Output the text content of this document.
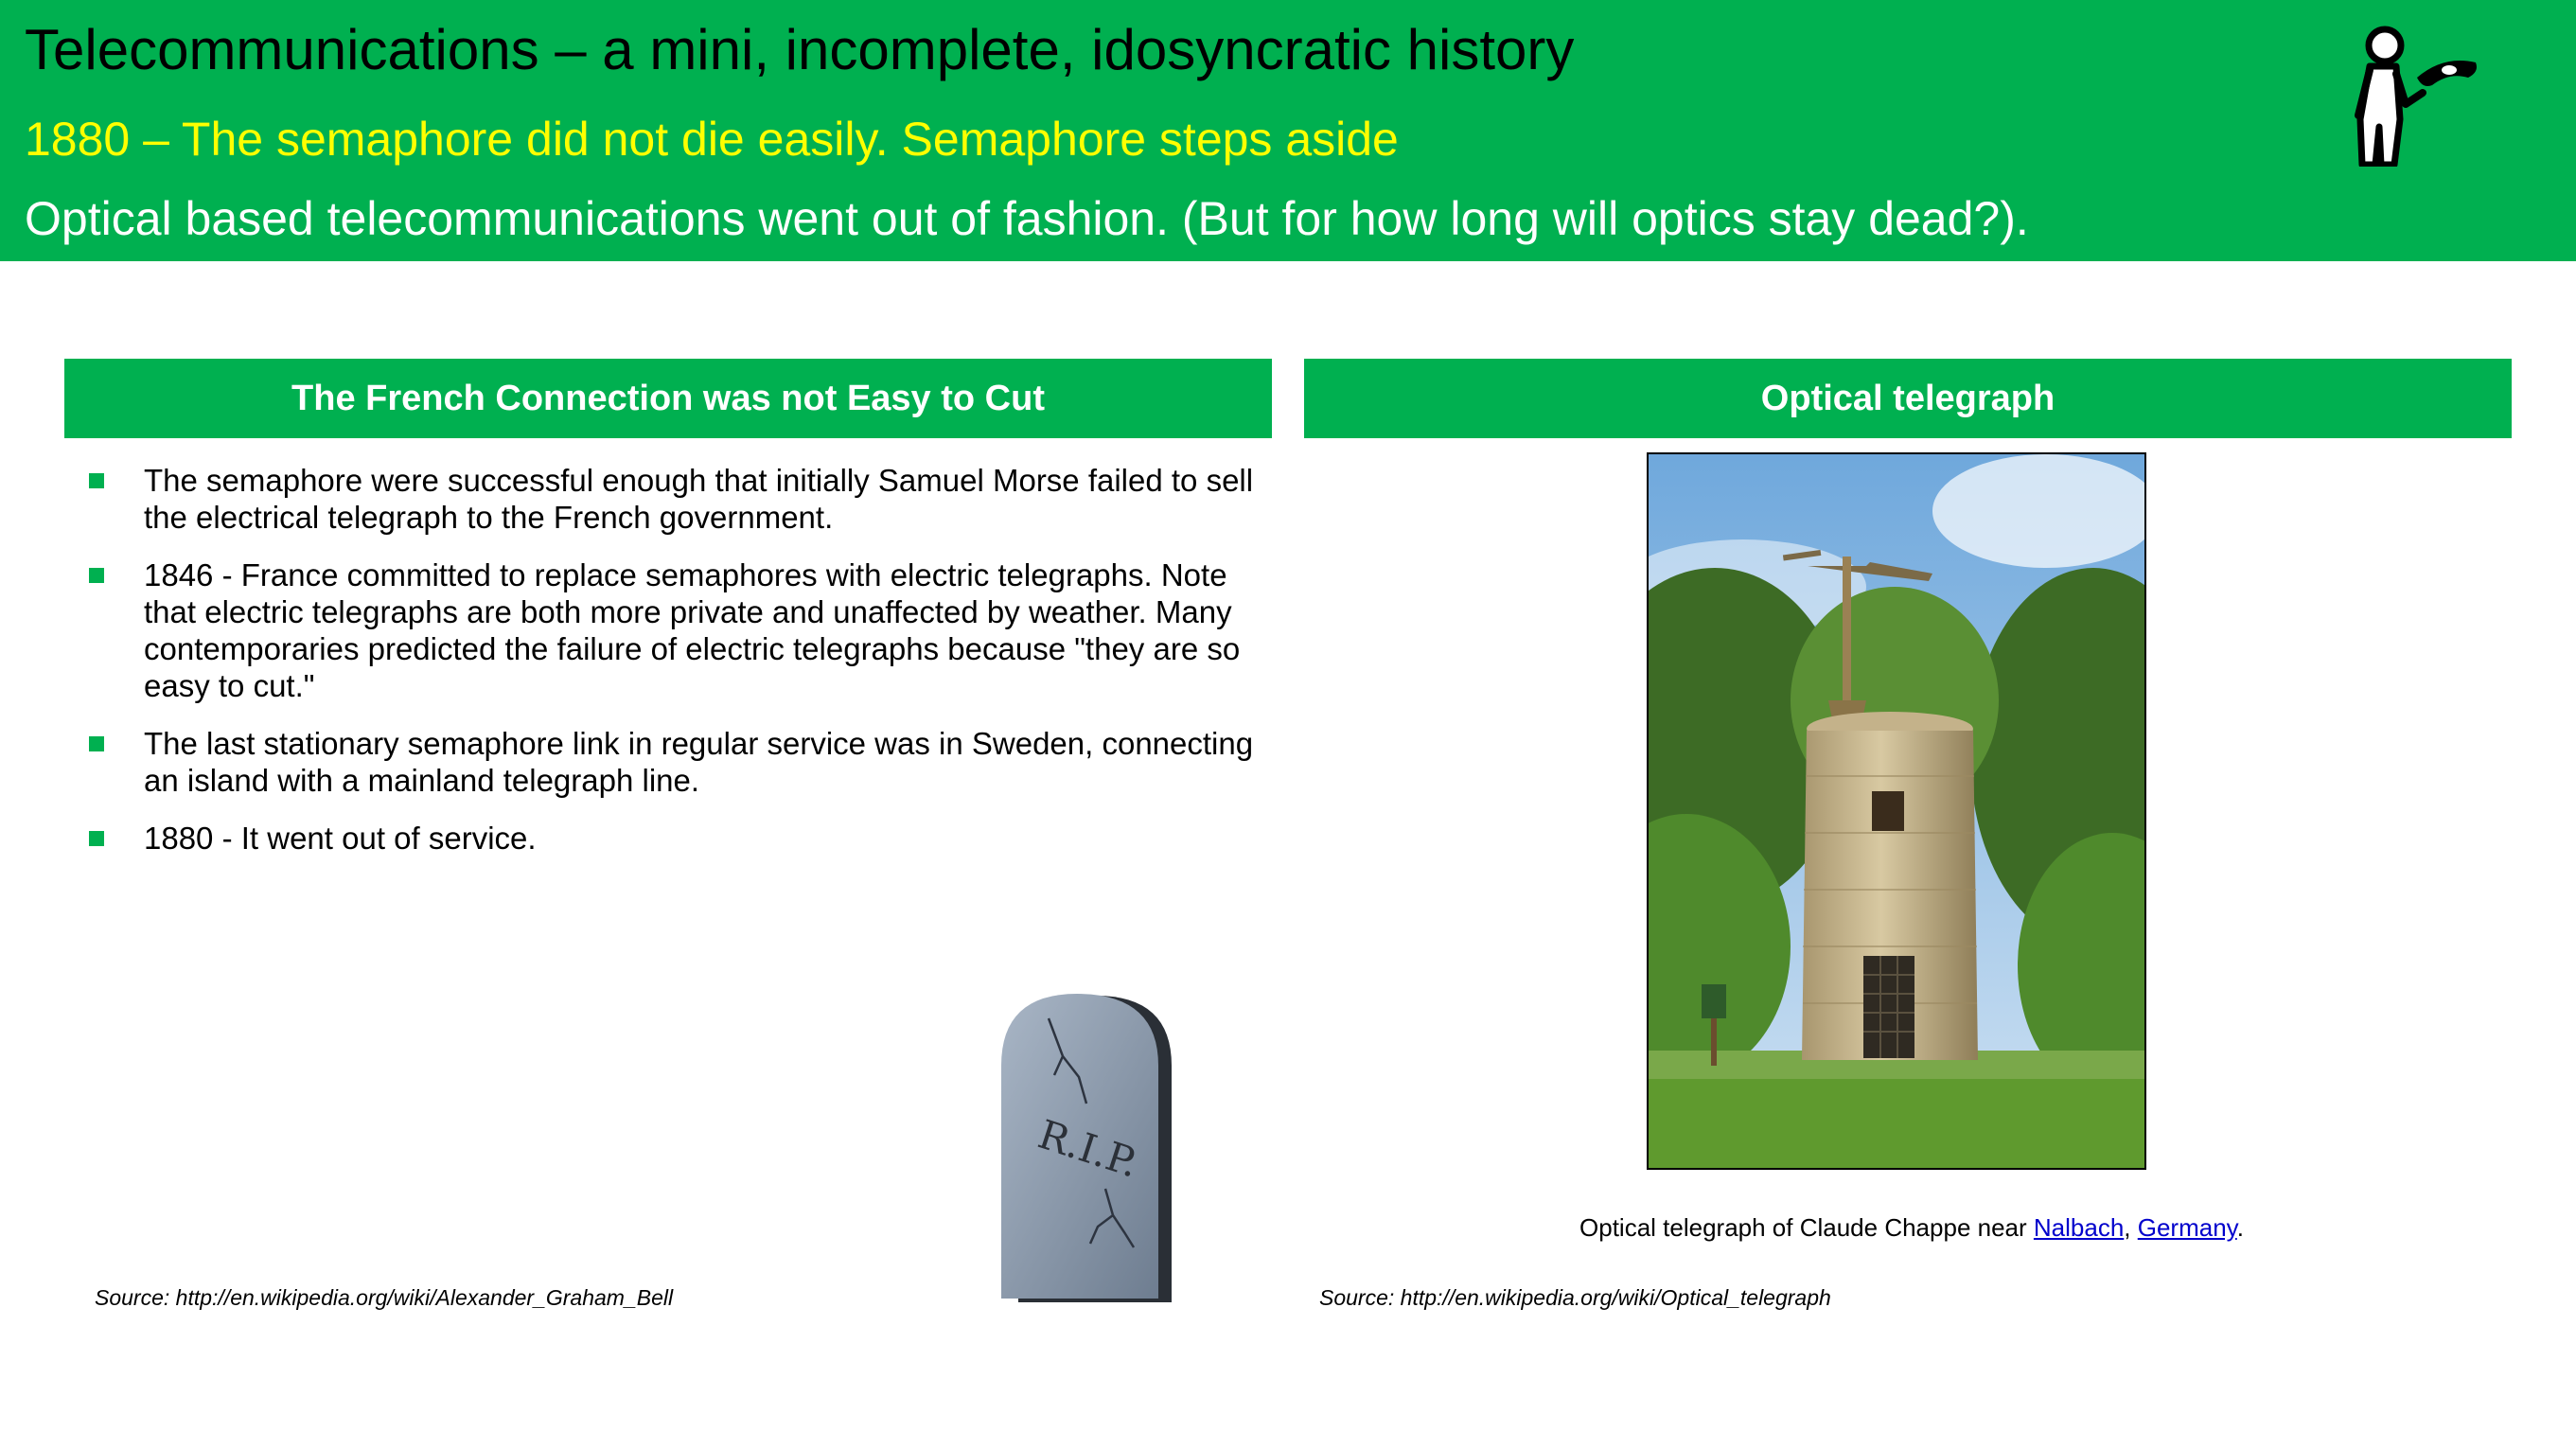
Telecommunications – a mini, incomplete, idosyncratic history
1880 – The semaphore did not die easily. Semaphore steps aside
Optical based telecommunications went out of fashion. (But for how long will optics stay dead?).
The French Connection was not Easy to Cut	Optical telegraph
The semaphore were successful enough that initially Samuel Morse failed to sell the electrical telegraph to the French government.
1846 - France committed to replace semaphores with electric telegraphs. Note that electric telegraphs are both more private and unaffected by weather. Many contemporaries predicted the failure of electric telegraphs because "they are so easy to cut."
The last stationary semaphore link in regular service was in Sweden, connecting an island with a mainland telegraph line.
1880 - It went out of service.
R.I.P.
Optical telegraph of Claude Chappe near Nalbach, Germany.
Source: http://en.wikipedia.org/wiki/Alexander_Graham_Bell	Source: http://en.wikipedia.org/wiki/Optical_telegraph
